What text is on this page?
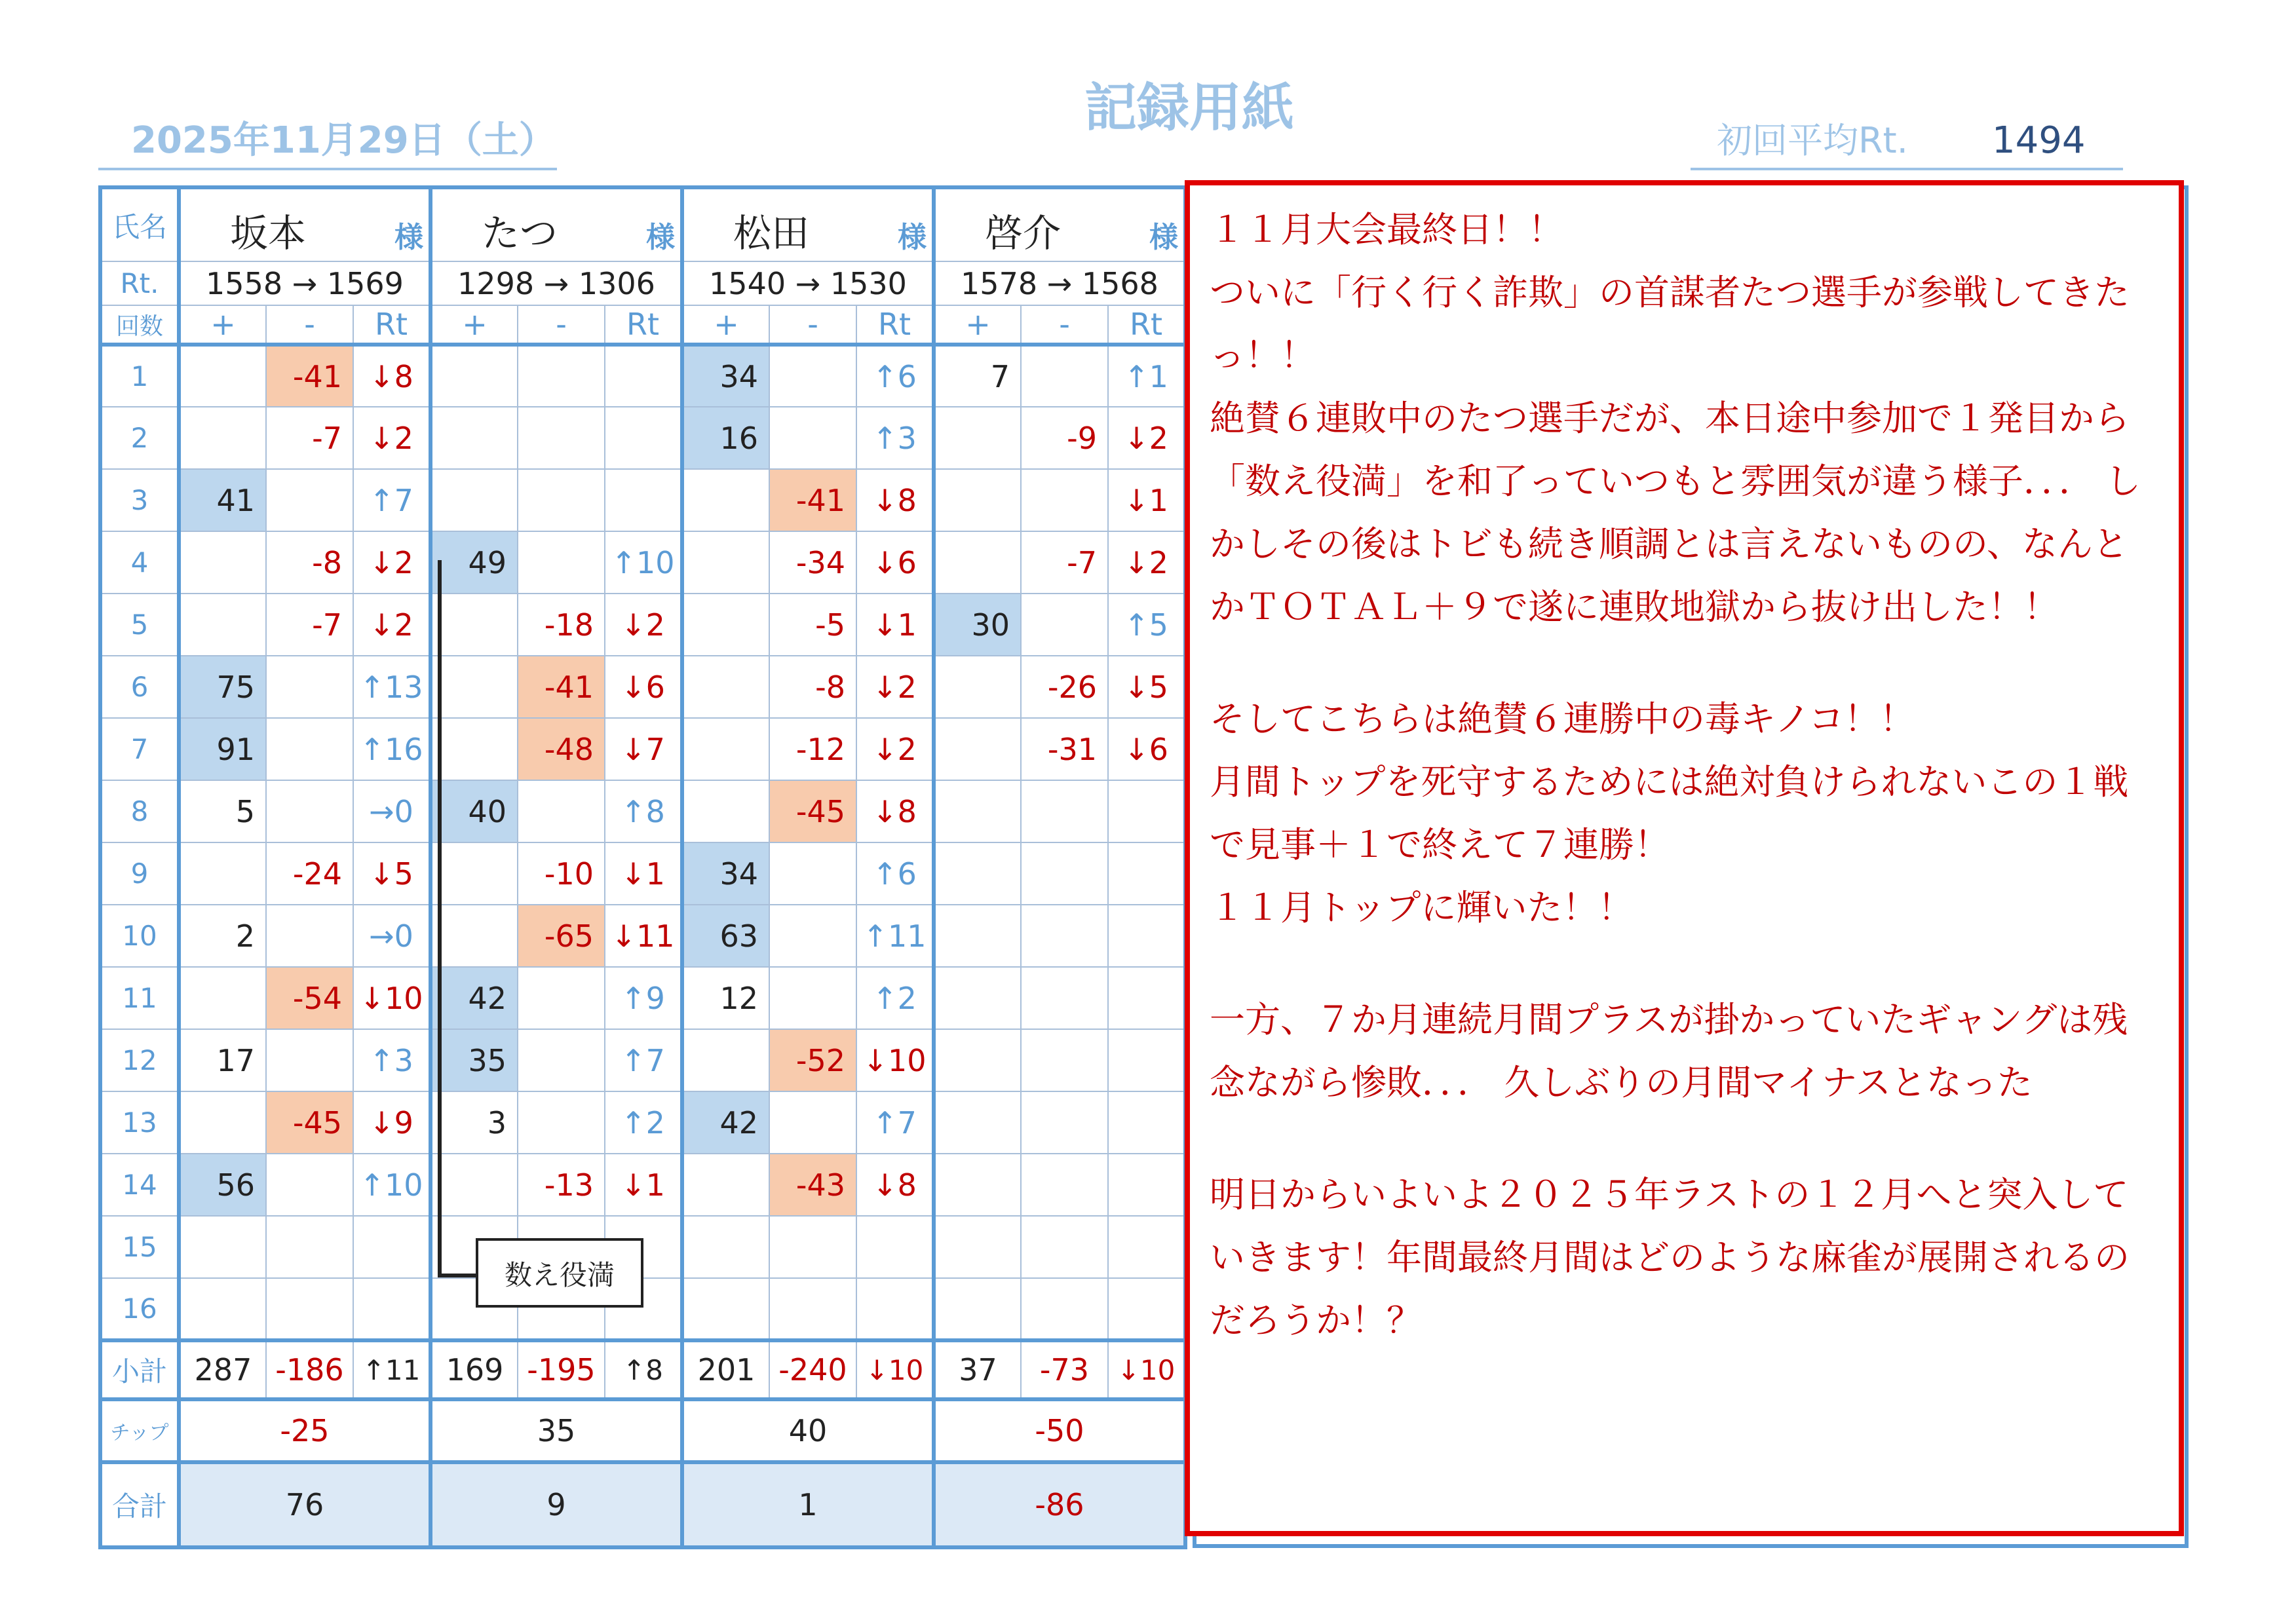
記録用紙
2025年11月29日（土）	初回平均Rt. 1494
氏名	坂本 様			たつ 様			松田 様			啓介 様		

Rt.	1558 → 1569			1298 → 1306			1540 → 1530			1578 → 1568		
回数	+	-	Rt	+	-	Rt	+	-	Rt	+	-	Rt
1		-41	↓8				34		↑6	7		↑1
2		-7	↓2				16		↑3		-9	↓2
3	41		↑7					-41	↓8			↓1
4		-8	↓2	49		↑10		-34	↓6		-7	↓2
5		-7	↓2		-18	↓2		-5	↓1	30		↑5
6	75		↑13		-41	↓6		-8	↓2		-26	↓5
7	91		↑16		-48	↓7		-12	↓2		-31	↓6
8	5		→0	40		↑8		-45	↓8			
9		-24	↓5		-10	↓1	34		↑6			
10	2		→0		-65	↓11	63		↑11			
11		-54	↓10	42		↑9	12		↑2			
12	17		↑3	35		↑7		-52	↓10			
13		-45	↓9	3		↑2	42		↑7			
14	56		↑10		-13	↓1		-43	↓8			
15												
16												
小計	287	-186	↑11	169	-195	↑8	201	-240	↓10	37	-73	↓10
チップ	-25			35			40			-50		
合計	76			9			1			-86		
数え役満

１１月大会最終日！！
ついに「行く行く詐欺」の首謀者たつ選手が参戦してきたっ！！
絶賛６連敗中のたつ選手だが、本日途中参加で１発目から「数え役満」を和了っていつもと雰囲気が違う様子．．． しかしその後はトビも続き順調とは言えないものの、なんとかＴＯＴＡＬ＋９で遂に連敗地獄から抜け出した！！

そしてこちらは絶賛６連勝中の毒キノコ！！
月間トップを死守するためには絶対負けられないこの１戦で見事＋１で終えて７連勝！
１１月トップに輝いた！！

一方、７か月連続月間プラスが掛かっていたギャングは残念ながら惨敗．．． 久しぶりの月間マイナスとなった

明日からいよいよ２０２５年ラストの１２月へと突入していきます！年間最終月間はどのような麻雀が展開されるのだろうか！？
